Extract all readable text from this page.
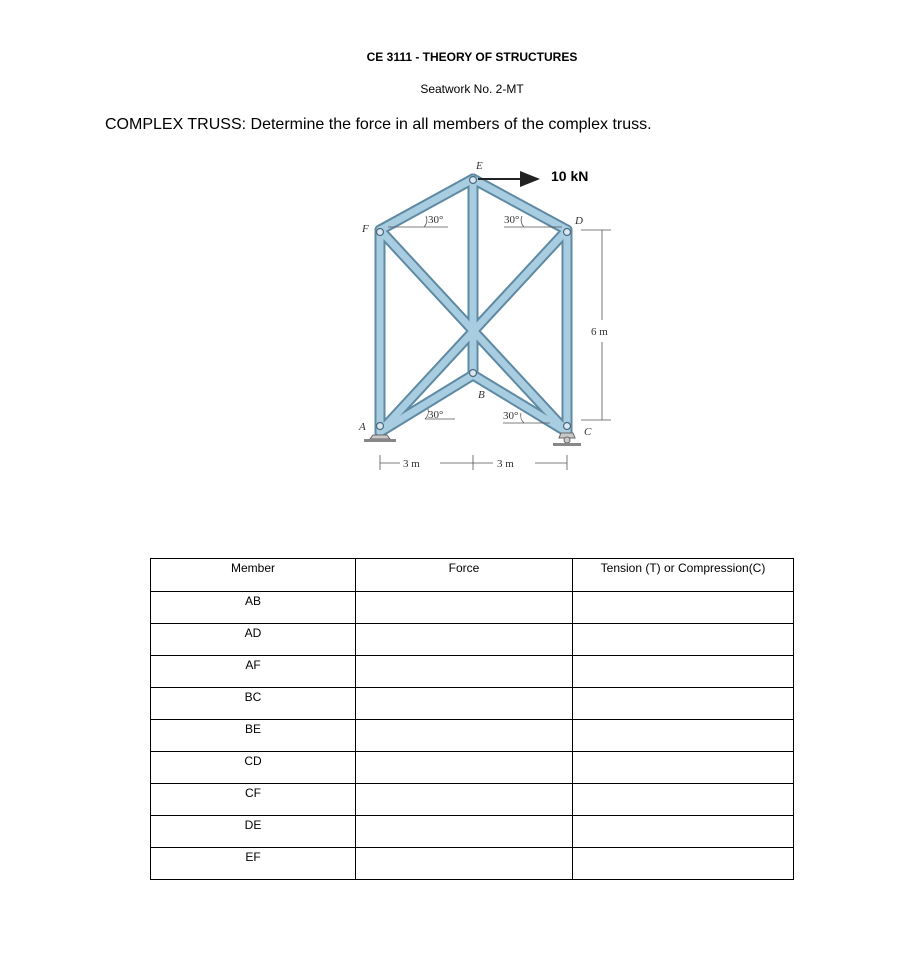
CE 3111 - THEORY OF STRUCTURES
Seatwork No. 2-MT
COMPLEX TRUSS: Determine the force in all members of the complex truss.
10 kN
A
B
C
D
E
F
30°	30°
30°	30°
3 m	3 m
6 m
Member	Force	Tension (T) or Compression(C)
AB		
AD		
AF		
BC		
BE		
CD		
CF		
DE		
EF		
